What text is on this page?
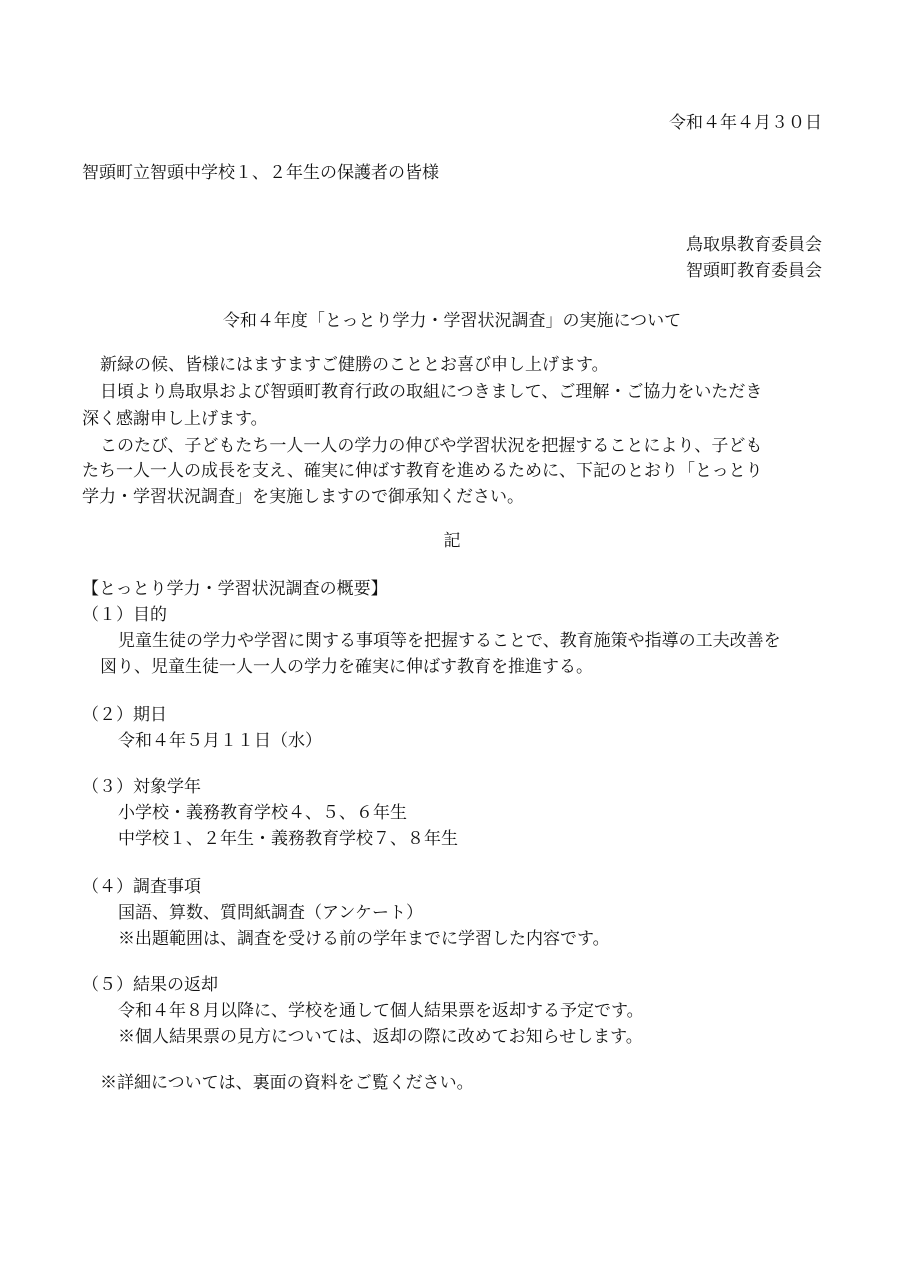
令和４年４月３０日
智頭町立智頭中学校１、２年生の保護者の皆様
鳥取県教育委員会
智頭町教育委員会
令和４年度「とっとり学力・学習状況調査」の実施について
新緑の候、皆様にはますますご健勝のこととお喜び申し上げます。
日頃より鳥取県および智頭町教育行政の取組につきまして、ご理解・ご協力をいただき
深く感謝申し上げます。
このたび、子どもたち一人一人の学力の伸びや学習状況を把握することにより、子ども
たち一人一人の成長を支え、確実に伸ばす教育を進めるために、下記のとおり「とっとり
学力・学習状況調査」を実施しますので御承知ください。
記
【とっとり学力・学習状況調査の概要】
（１）目的
児童生徒の学力や学習に関する事項等を把握することで、教育施策や指導の工夫改善を
図り、児童生徒一人一人の学力を確実に伸ばす教育を推進する。
（２）期日
令和４年５月１１日（水）
（３）対象学年
小学校・義務教育学校４、５、６年生
中学校１、２年生・義務教育学校７、８年生
（４）調査事項
国語、算数、質問紙調査（アンケート）
※出題範囲は、調査を受ける前の学年までに学習した内容です。
（５）結果の返却
令和４年８月以降に、学校を通して個人結果票を返却する予定です。
※個人結果票の見方については、返却の際に改めてお知らせします。
※詳細については、裏面の資料をご覧ください。
